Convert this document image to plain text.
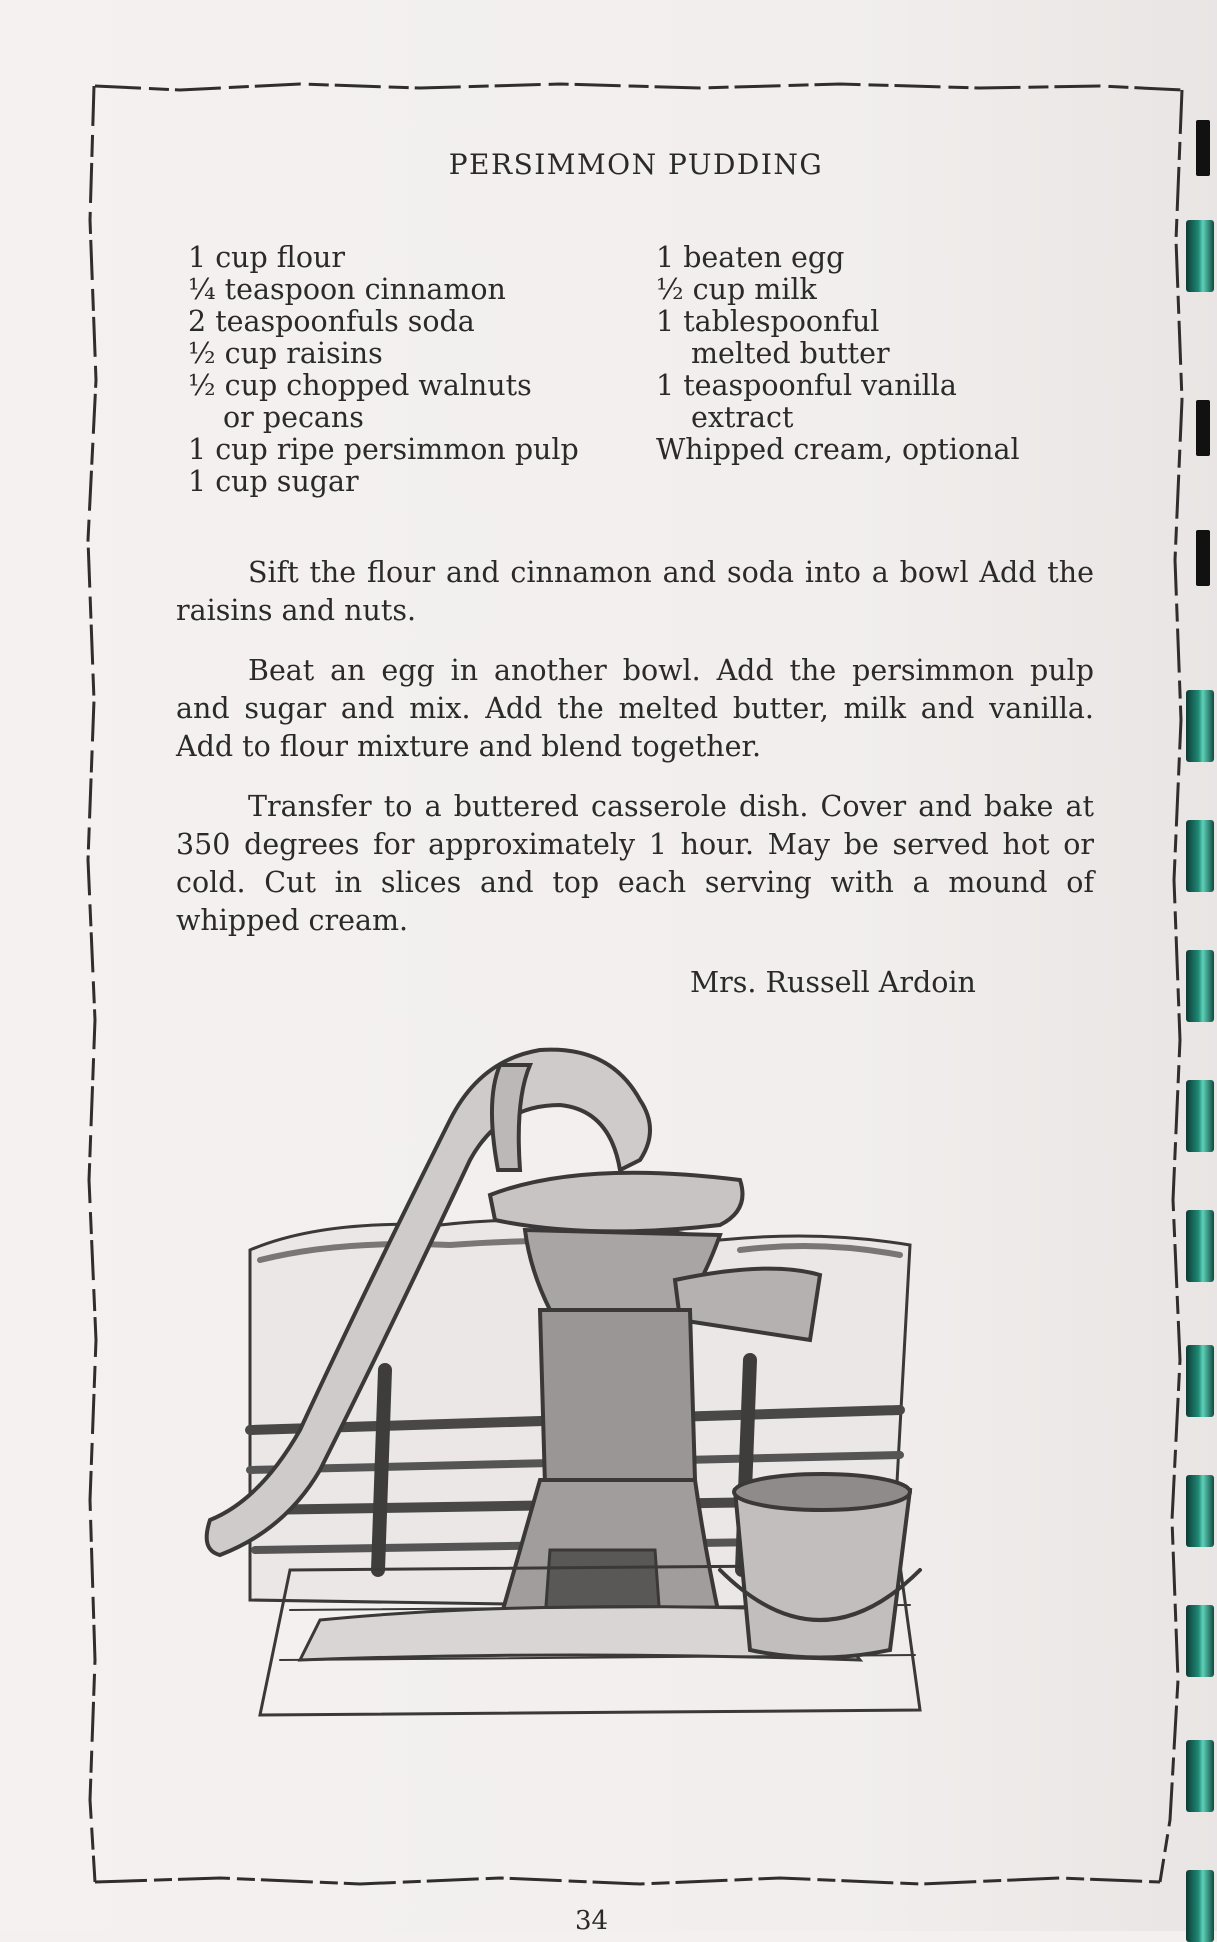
PERSIMMON PUDDING
1 cup flour
¼ teaspoon cinnamon
2 teaspoonfuls soda
½ cup raisins
½ cup chopped walnuts
or pecans
1 cup ripe persimmon pulp
1 cup sugar
1 beaten egg
½ cup milk
1 tablespoonful
melted butter
1 teaspoonful vanilla
extract
Whipped cream, optional

Sift the flour and cinnamon and soda into a bowl Add the raisins and nuts.

Beat an egg in another bowl. Add the persimmon pulp and sugar and mix. Add the melted butter, milk and vanilla. Add to flour mixture and blend together.

Transfer to a buttered casserole dish. Cover and bake at 350 degrees for approximately 1 hour. May be served hot or cold. Cut in slices and top each serving with a mound of whipped cream.

Mrs. Russell Ardoin
34
